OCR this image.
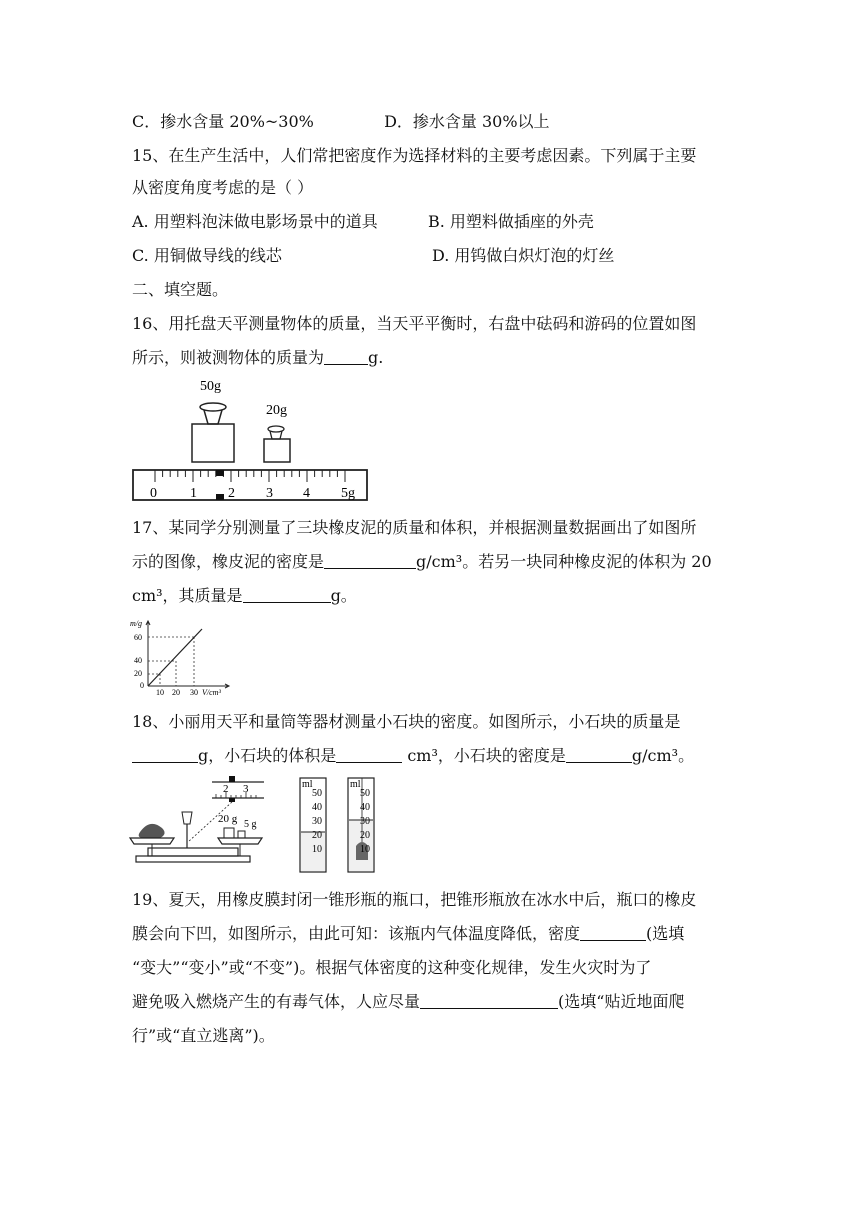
C．掺水含量 20%~30%	D．掺水含量 30%以上
15、在生产生活中，人们常把密度作为选择材料的主要考虑因素。下列属于主要
从密度角度考虑的是（ ）
A. 用塑料泡沫做电影场景中的道具	B. 用塑料做插座的外壳
C. 用铜做导线的线芯	D. 用钨做白炽灯泡的灯丝
二、填空题。
16、用托盘天平测量物体的质量，当天平平衡时，右盘中砝码和游码的位置如图
所示，则被测物体的质量为	g.
50g
20g
0 1 2 3 4 5g
17、某同学分别测量了三块橡皮泥的质量和体积，并根据测量数据画出了如图所
示的图像，橡皮泥的密度是	g/cm³。若另一块同种橡皮泥的体积为 20
cm³，其质量是	g。
m/g
60
40
20
0
10 20 30 V/cm³
18、小丽用天平和量筒等器材测量小石块的密度。如图所示，小石块的质量是
g，小石块的体积是	cm³，小石块的密度是	g/cm³。
2 3
20 g 5 g
ml
50
40
30
20
10
ml
50
40
30
20
10
19、夏天，用橡皮膜封闭一锥形瓶的瓶口，把锥形瓶放在冰水中后，瓶口的橡皮
膜会向下凹，如图所示，由此可知：该瓶内气体温度降低，密度	(选填
“变大”“变小”或“不变”)。根据气体密度的这种变化规律，发生火灾时为了
避免吸入燃烧产生的有毒气体，人应尽量	(选填“贴近地面爬
行”或“直立逃离”)。
